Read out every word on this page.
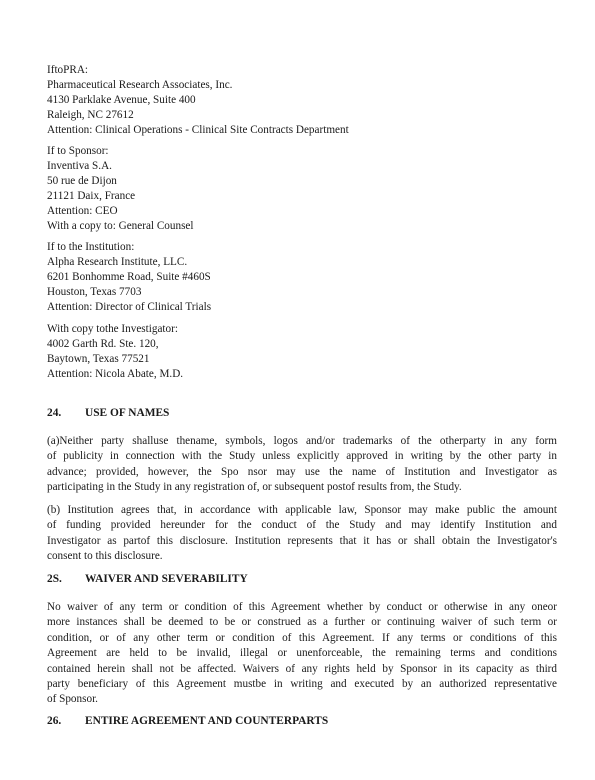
IftoPRA:
Pharmaceutical Research Associates, Inc.
4130 Parklake Avenue, Suite 400
Raleigh, NC 27612
Attention: Clinical Operations - Clinical Site Contracts Department
If to Sponsor:
Inventiva S.A.
50 rue de Dijon
21121 Daix, France
Attention: CEO
With a copy to: General Counsel
If to the Institution:
Alpha Research Institute, LLC.
6201 Bonhomme Road, Suite #460S
Houston, Texas 7703
Attention: Director of Clinical Trials
With copy tothe Investigator:
4002 Garth Rd. Ste. 120,
Baytown, Texas 77521
Attention: Nicola Abate, M.D.
24. USE OF NAMES
(a)Neither party shalluse thename, symbols, logos and/or trademarks of the otherparty in any form
of publicity in connection with the Study unless explicitly approved in writing by the other party in
advance; provided, however, the Spo nsor may use the name of Institution and Investigator as
participating in the Study in any registration of, or subsequent postof results from, the Study.
(b) Institution agrees that, in accordance with applicable law, Sponsor may make public the amount
of funding provided hereunder for the conduct of the Study and may identify Institution and
Investigator as partof this disclosure. Institution represents that it has or shall obtain the Investigator's
consent to this disclosure.
2S. WAIVER AND SEVERABILITY
No waiver of any term or condition of this Agreement whether by conduct or otherwise in any oneor
more instances shall be deemed to be or construed as a further or continuing waiver of such term or
condition, or of any other term or condition of this Agreement. If any terms or conditions of this
Agreement are held to be invalid, illegal or unenforceable, the remaining terms and conditions
contained herein shall not be affected. Waivers of any rights held by Sponsor in its capacity as third
party beneficiary of this Agreement mustbe in writing and executed by an authorized representative
of Sponsor.
26. ENTIRE AGREEMENT AND COUNTERPARTS
